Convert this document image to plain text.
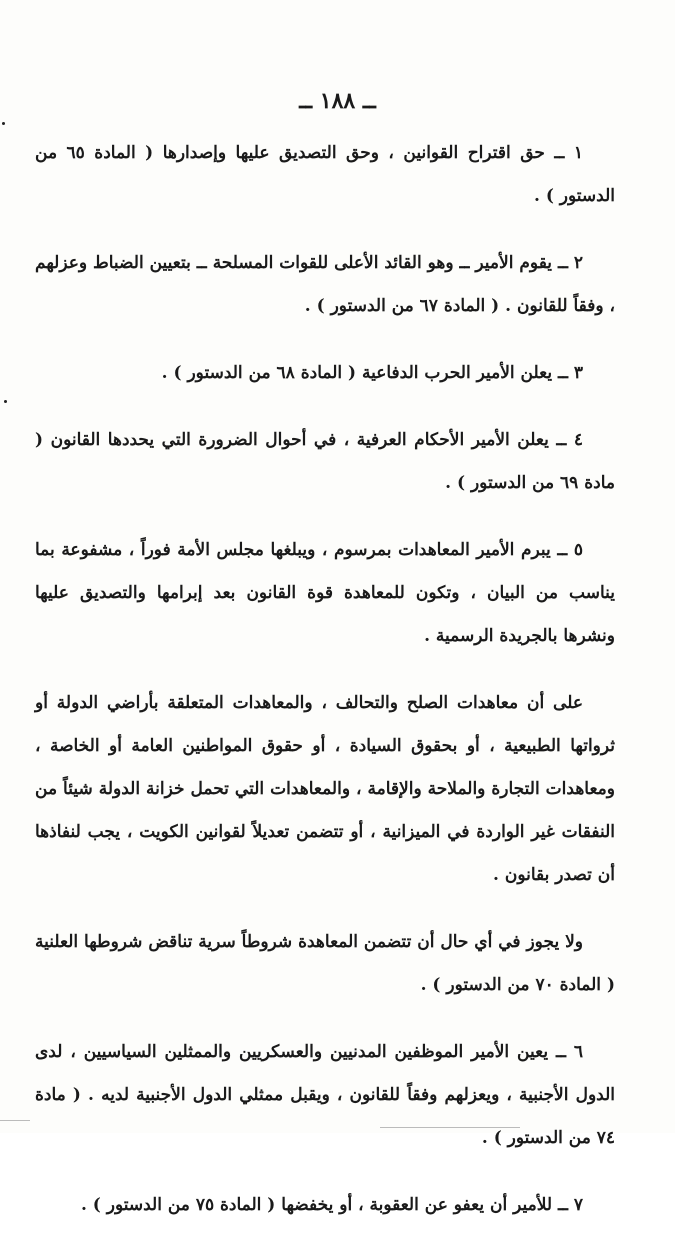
ــ ١٨٨ ــ

١ ــ حق اقتراح القوانين ، وحق التصديق عليها وإصدارها ( المادة ٦٥ من الدستور ) .

٢ ــ يقوم الأمير ــ وهو القائد الأعلى للقوات المسلحة ــ بتعيين الضباط وعزلهم ، وفقاً للقانون . ( المادة ٦٧ من الدستور ) .

٣ ــ يعلن الأمير الحرب الدفاعية ( المادة ٦٨ من الدستور ) .

٤ ــ يعلن الأمير الأحكام العرفية ، في أحوال الضرورة التي يحددها القانون ( مادة ٦٩ من الدستور ) .

٥ ــ يبرم الأمير المعاهدات بمرسوم ، ويبلغها مجلس الأمة فوراً ، مشفوعة بما يناسب من البيان ، وتكون للمعاهدة قوة القانون بعد إبرامها والتصديق عليها ونشرها بالجريدة الرسمية .

على أن معاهدات الصلح والتحالف ، والمعاهدات المتعلقة بأراضي الدولة أو ثرواتها الطبيعية ، أو بحقوق السيادة ، أو حقوق المواطنين العامة أو الخاصة ، ومعاهدات التجارة والملاحة والإقامة ، والمعاهدات التي تحمل خزانة الدولة شيئاً من النفقات غير الواردة في الميزانية ، أو تتضمن تعديلاً لقوانين الكويت ، يجب لنفاذها أن تصدر بقانون .

ولا يجوز في أي حال أن تتضمن المعاهدة شروطاً سرية تناقض شروطها العلنية ( المادة ٧٠ من الدستور ) .

٦ ــ يعين الأمير الموظفين المدنيين والعسكريين والممثلين السياسيين ، لدى الدول الأجنبية ، ويعزلهم وفقاً للقانون ، ويقبل ممثلي الدول الأجنبية لديه . ( مادة ٧٤ من الدستور ) .

٧ ــ للأمير أن يعفو عن العقوبة ، أو يخفضها ( المادة ٧٥ من الدستور ) .
